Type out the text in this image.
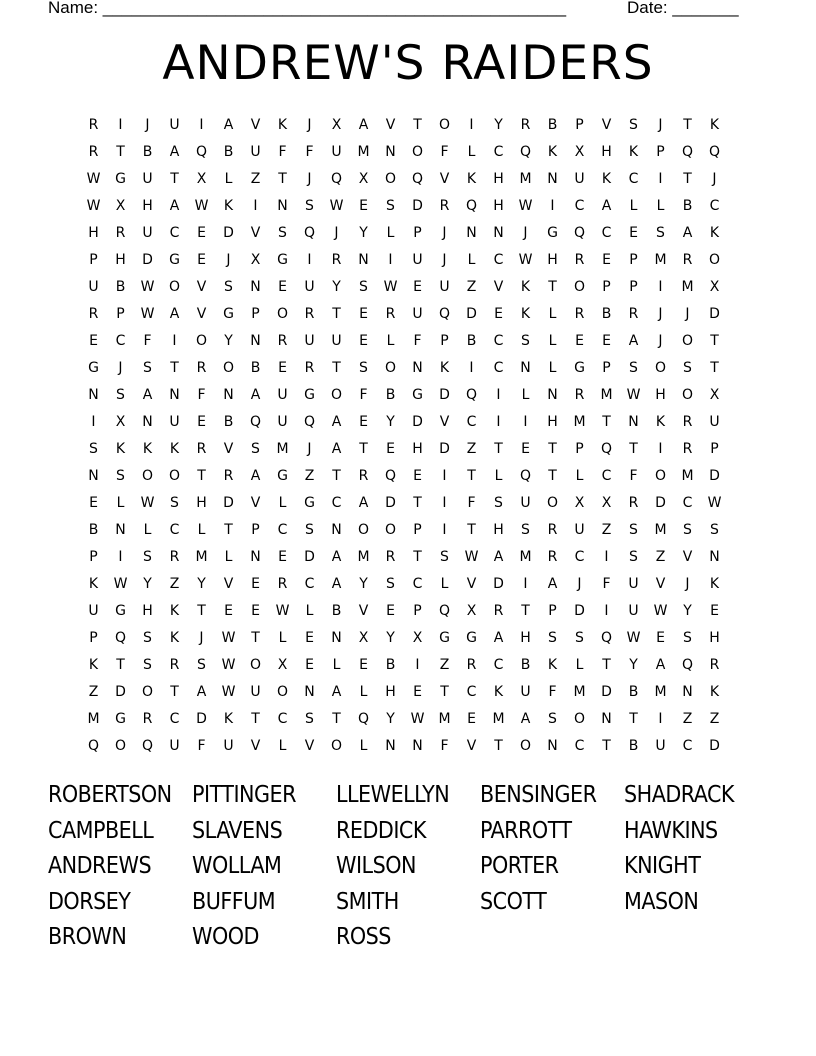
Name: _________________________________________________

	Date: _______

ANDREW'S RAIDERS
R	I	J	U	I	A	V	K	J	X	A	V	T	O	I	Y	R	B	P	V	S	J	T	K
R	T	B	A	Q	B	U	F	F	U	M	N	O	F	L	C	Q	K	X	H	K	P	Q	Q
W	G	U	T	X	L	Z	T	J	Q	X	O	Q	V	K	H	M	N	U	K	C	I	T	J
W	X	H	A	W	K	I	N	S	W	E	S	D	R	Q	H	W	I	C	A	L	L	B	C
H	R	U	C	E	D	V	S	Q	J	Y	L	P	J	N	N	J	G	Q	C	E	S	A	K
P	H	D	G	E	J	X	G	I	R	N	I	U	J	L	C	W	H	R	E	P	M	R	O
U	B	W	O	V	S	N	E	U	Y	S	W	E	U	Z	V	K	T	O	P	P	I	M	X
R	P	W	A	V	G	P	O	R	T	E	R	U	Q	D	E	K	L	R	B	R	J	J	D
E	C	F	I	O	Y	N	R	U	U	E	L	F	P	B	C	S	L	E	E	A	J	O	T
G	J	S	T	R	O	B	E	R	T	S	O	N	K	I	C	N	L	G	P	S	O	S	T
N	S	A	N	F	N	A	U	G	O	F	B	G	D	Q	I	L	N	R	M	W	H	O	X
I	X	N	U	E	B	Q	U	Q	A	E	Y	D	V	C	I	I	H	M	T	N	K	R	U
S	K	K	K	R	V	S	M	J	A	T	E	H	D	Z	T	E	T	P	Q	T	I	R	P
N	S	O	O	T	R	A	G	Z	T	R	Q	E	I	T	L	Q	T	L	C	F	O	M	D
E	L	W	S	H	D	V	L	G	C	A	D	T	I	F	S	U	O	X	X	R	D	C	W
B	N	L	C	L	T	P	C	S	N	O	O	P	I	T	H	S	R	U	Z	S	M	S	S
P	I	S	R	M	L	N	E	D	A	M	R	T	S	W	A	M	R	C	I	S	Z	V	N
K	W	Y	Z	Y	V	E	R	C	A	Y	S	C	L	V	D	I	A	J	F	U	V	J	K
U	G	H	K	T	E	E	W	L	B	V	E	P	Q	X	R	T	P	D	I	U	W	Y	E
P	Q	S	K	J	W	T	L	E	N	X	Y	X	G	G	A	H	S	S	Q	W	E	S	H
K	T	S	R	S	W	O	X	E	L	E	B	I	Z	R	C	B	K	L	T	Y	A	Q	R
Z	D	O	T	A	W	U	O	N	A	L	H	E	T	C	K	U	F	M	D	B	M	N	K
M	G	R	C	D	K	T	C	S	T	Q	Y	W	M	E	M	A	S	O	N	T	I	Z	Z
Q	O	Q	U	F	U	V	L	V	O	L	N	N	F	V	T	O	N	C	T	B	U	C	D
ROBERTSON PITTINGER	LLEWELLYN	BENSINGER	SHADRACK
CAMPBELL	SLAVENS	REDDICK	PARROTT	HAWKINS
ANDREWS	WOLLAM	WILSON	PORTER	KNIGHT
DORSEY	BUFFUM	SMITH	SCOTT	MASON
BROWN	WOOD	ROSS
